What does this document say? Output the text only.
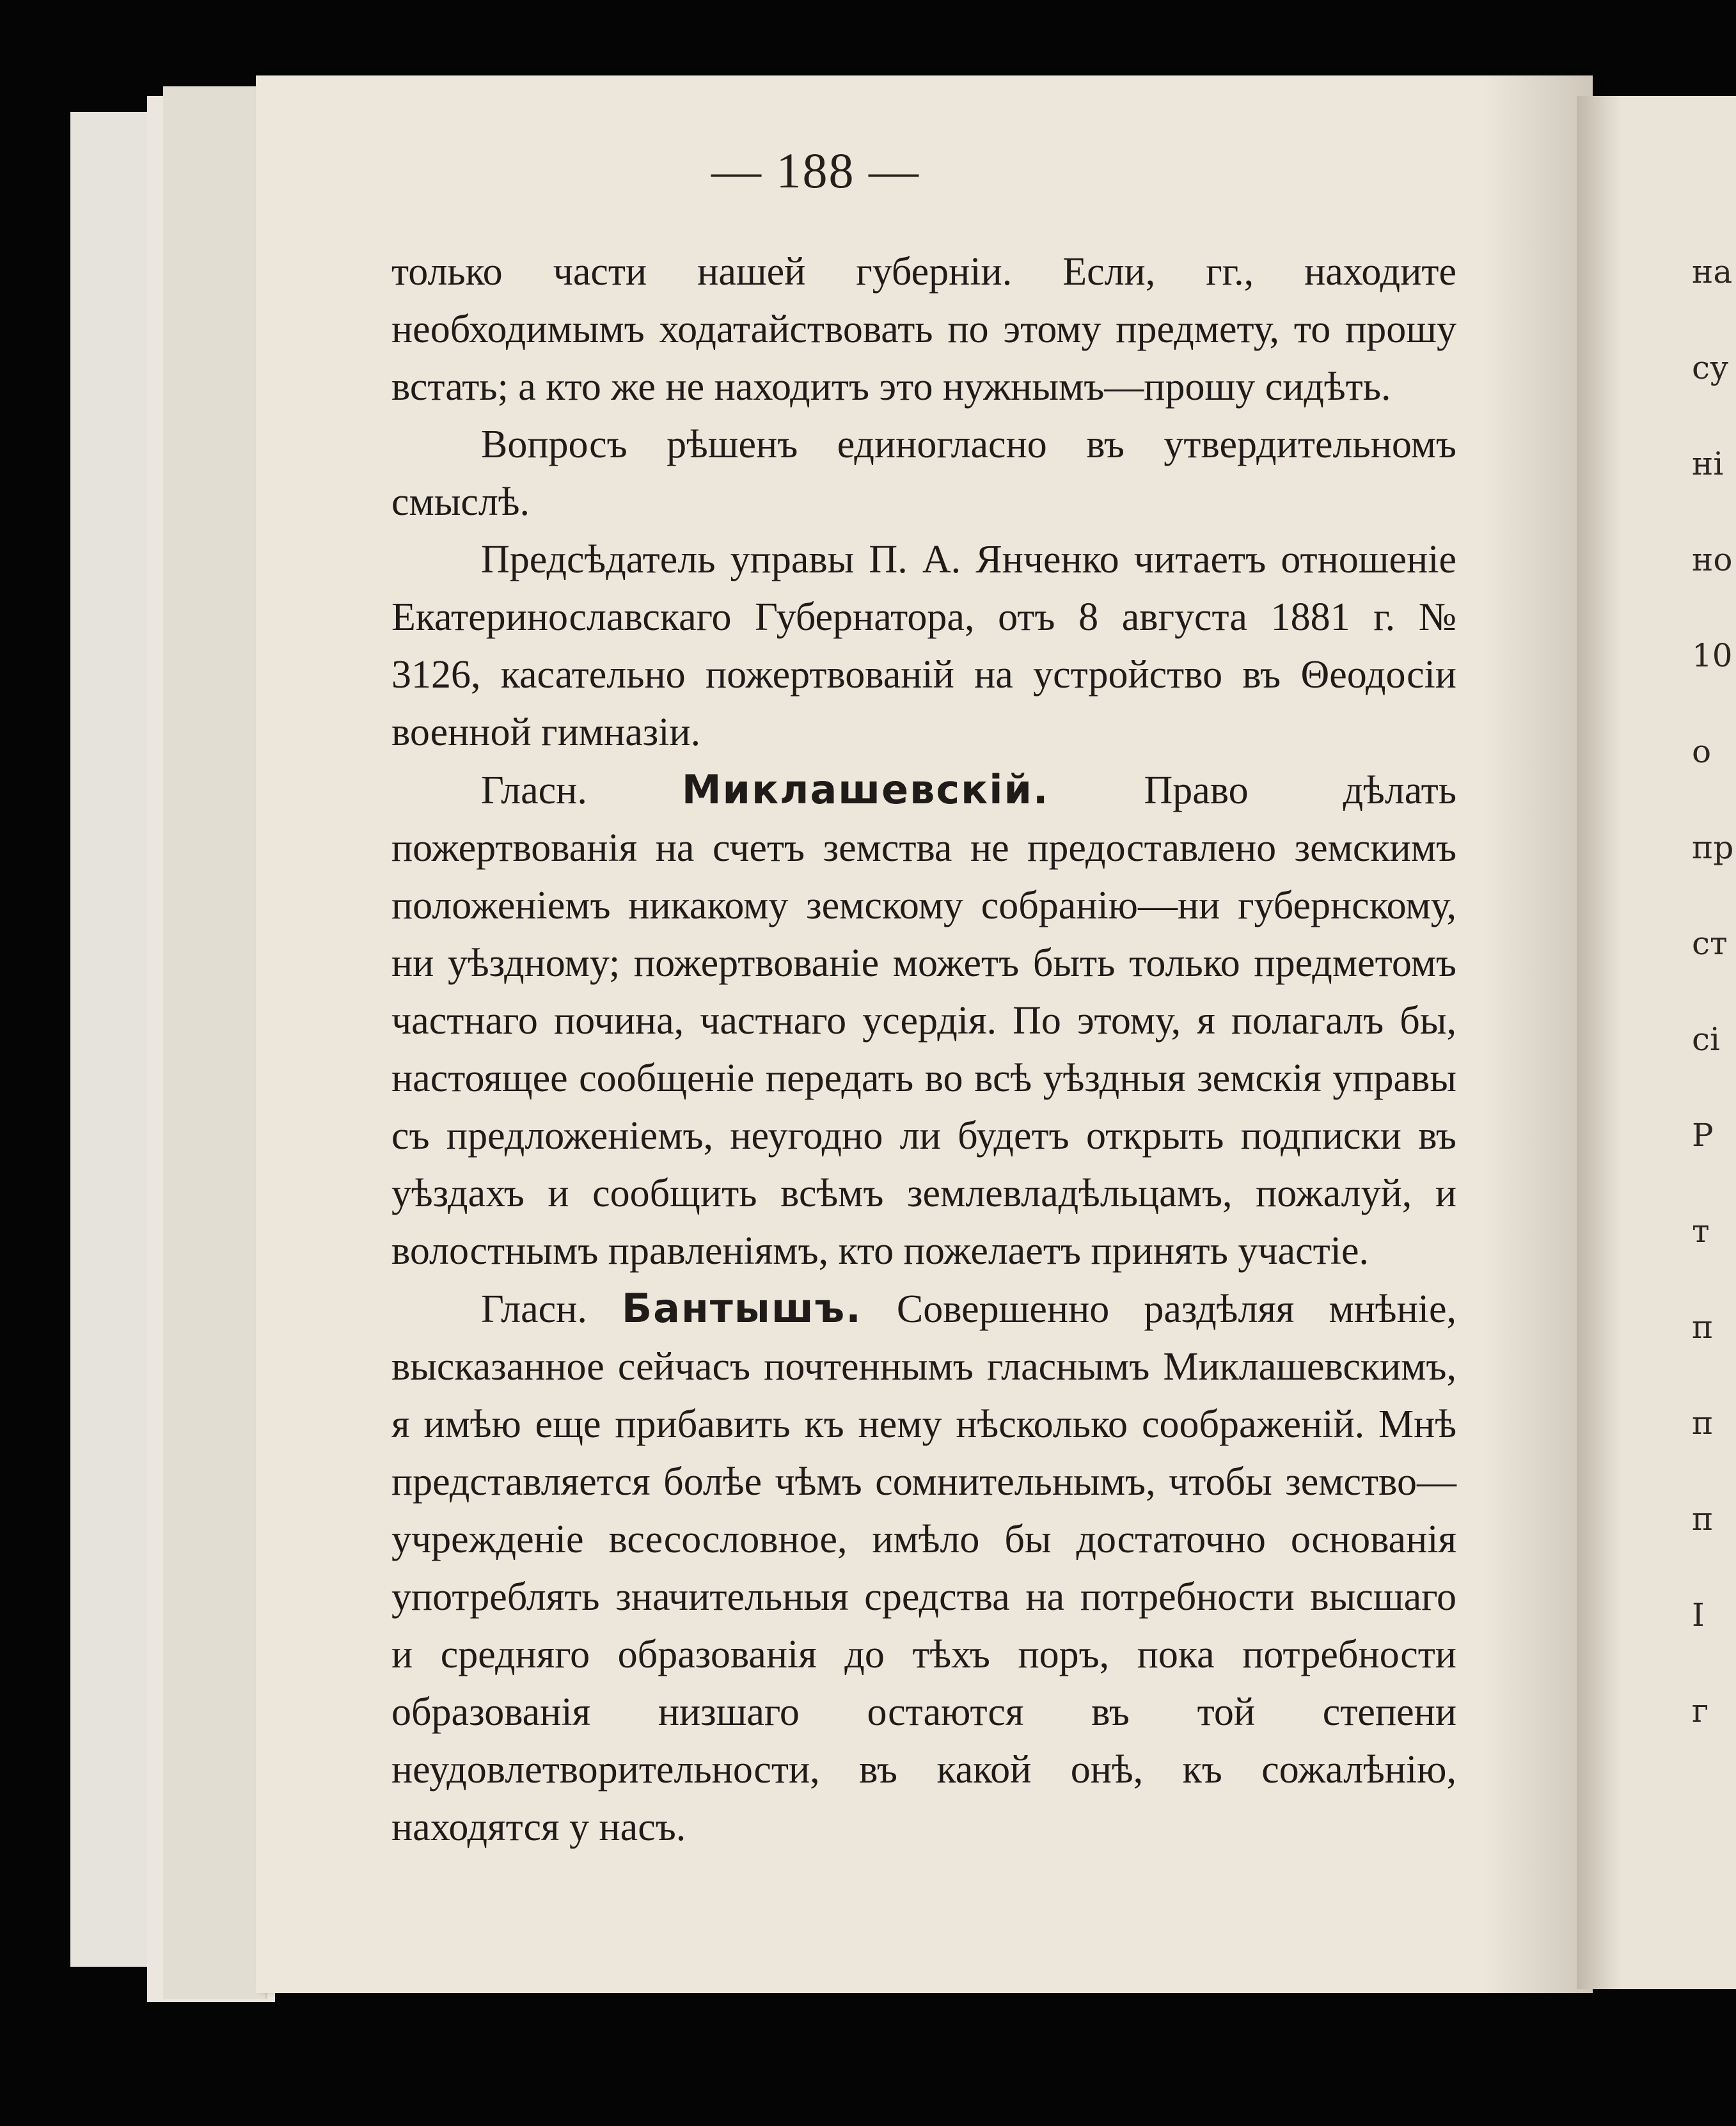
на
су
ні
но
10
о
пр
ст
сі
Р
т
п
п
п
І
г
— 188 —

только части нашей губерніи. Если, гг., находите необходимымъ ходатайствовать по этому предмету, то прошу встать; а кто же не находитъ это нужнымъ—прошу сидѣть.

Вопросъ рѣшенъ единогласно въ утвердительномъ смыслѣ.

Предсѣдатель управы П. А. Янченко читаетъ отношеніе Екатеринославскаго Губернатора, отъ 8 августа 1881 г. № 3126, касательно пожертвованій на устройство въ Θеодосіи военной гимназіи.

Гласн. Миклашевскій. Право дѣлать пожертвованія на счетъ земства не предоставлено земскимъ положеніемъ никакому земскому собранію—ни губернскому, ни уѣздному; пожертвованіе можетъ быть только предметомъ частнаго почина, частнаго усердія. По этому, я полагалъ бы, настоящее сообщеніе передать во всѣ уѣздныя земскія управы съ предложеніемъ, неугодно ли будетъ открыть подписки въ уѣздахъ и сообщить всѣмъ землевладѣльцамъ, пожалуй, и волостнымъ правленіямъ, кто пожелаетъ принять участіе.

Гласн. Бантышъ. Совершенно раздѣляя мнѣніе, высказанное сейчасъ почтеннымъ гласнымъ Миклашевскимъ, я имѣю еще прибавить къ нему нѣсколько соображеній. Мнѣ представляется болѣе чѣмъ сомнительнымъ, чтобы земство—учрежденіе всесословное, имѣло бы достаточно основанія употреблять значительныя средства на потребности высшаго и средняго образованія до тѣхъ поръ, пока потребности образованія низшаго остаются въ той степени неудовлетворительности, въ какой онѣ, къ сожалѣнію, находятся у насъ.
